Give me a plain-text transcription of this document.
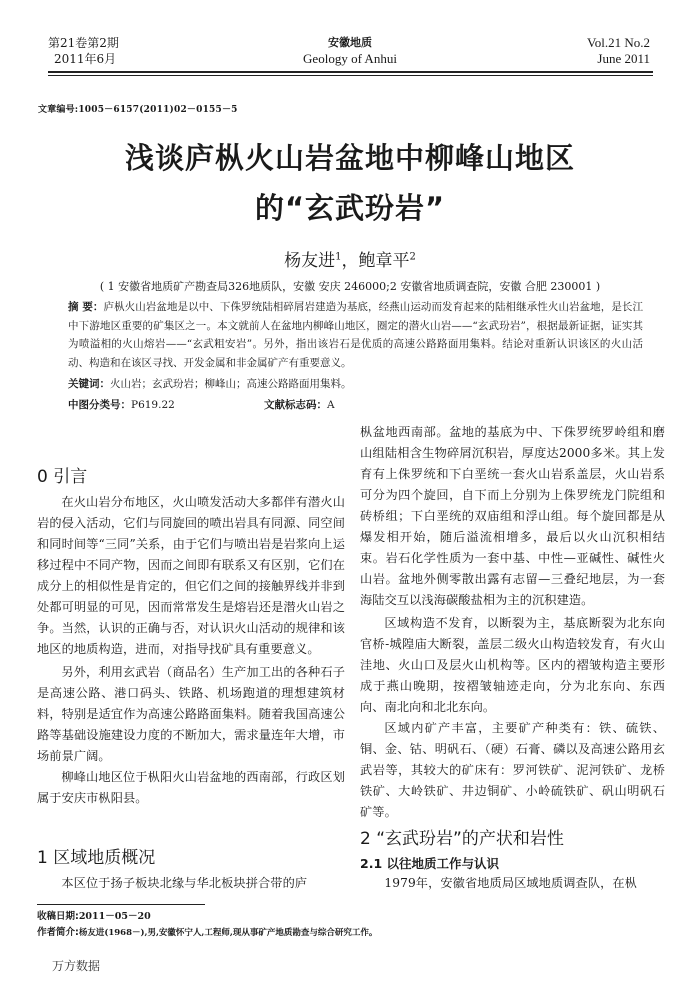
第21卷第2期
2011年6月
安徽地质
Geology of Anhui
Vol.21 No.2
June 2011
文章编号:1005－6157(2011)02－0155－5
浅谈庐枞火山岩盆地中柳峰山地区
的“玄武玢岩”
杨友进$^1$，鲍章平$^2$
( 1 安徽省地质矿产勘查局326地质队，安徽 安庆 246000;2 安徽省地质调查院，安徽 合肥 230001 )
摘 要：庐枞火山岩盆地是以中、下侏罗统陆相碎屑岩建造为基底，经燕山运动而发育起来的陆相继承性火山岩盆地，是长江中下游地区重要的矿集区之一。本文就前人在盆地内柳峰山地区，圈定的潜火山岩——“玄武玢岩”，根据最新证据，证实其为喷溢相的火山熔岩——“玄武粗安岩”。另外，指出该岩石是优质的高速公路路面用集料。结论对重新认识该区的火山活动、构造和在该区寻找、开发金属和非金属矿产有重要意义。
关键词：火山岩；玄武玢岩；柳峰山；高速公路路面用集料。
中图分类号：P619.22	文献标志码：A
0 引言

在火山岩分布地区，火山喷发活动大多都伴有潜火山岩的侵入活动，它们与同旋回的喷出岩具有同源、同空间和同时间等“三同”关系，由于它们与喷出岩是岩浆向上运移过程中不同产物，因而之间即有联系又有区别，它们在成分上的相似性是肯定的，但它们之间的接触界线并非到处都可明显的可见，因而常常发生是熔岩还是潜火山岩之争。当然，认识的正确与否，对认识火山活动的规律和该地区的地质构造，进而，对指导找矿具有重要意义。

另外，利用玄武岩（商品名）生产加工出的各种石子是高速公路、港口码头、铁路、机场跑道的理想建筑材料，特别是适宜作为高速公路路面集料。随着我国高速公路等基础设施建设力度的不断加大，需求量连年大增，市场前景广阔。

柳峰山地区位于枞阳火山岩盆地的西南部，行政区划属于安庆市枞阳县。

1 区域地质概况

本区位于扬子板块北缘与华北板块拼合带的庐

枞盆地西南部。盆地的基底为中、下侏罗统罗岭组和磨山组陆相含生物碎屑沉积岩，厚度达2000多米。其上发育有上侏罗统和下白垩统一套火山岩系盖层，火山岩系可分为四个旋回，自下而上分别为上侏罗统龙门院组和砖桥组；下白垩统的双庙组和浮山组。每个旋回都是从爆发相开始，随后溢流相增多，最后以火山沉积相结束。岩石化学性质为一套中基、中性—亚碱性、碱性火山岩。盆地外侧零散出露有志留—三叠纪地层，为一套海陆交互以浅海碳酸盐相为主的沉积建造。

区域构造不发育，以断裂为主，基底断裂为北东向官桥-城隍庙大断裂，盖层二级火山构造较发育，有火山洼地、火山口及层火山机构等。区内的褶皱构造主要形成于燕山晚期，按褶皱轴迹走向，分为北东向、东西向、南北向和北北东向。

区域内矿产丰富，主要矿产种类有：铁、硫铁、铜、金、钴、明矾石、（硬）石膏、磷以及高速公路用玄武岩等，其较大的矿床有：罗河铁矿、泥河铁矿、龙桥铁矿、大岭铁矿、井边铜矿、小岭硫铁矿、矾山明矾石矿等。

2 “玄武玢岩”的产状和岩性
2.1 以往地质工作与认识

1979年，安徽省地质局区域地质调查队，在枞

收稿日期:2011－05－20
作者简介:杨友进(1968－),男,安徽怀宁人,工程师,现从事矿产地质勘查与综合研究工作。
万方数据
